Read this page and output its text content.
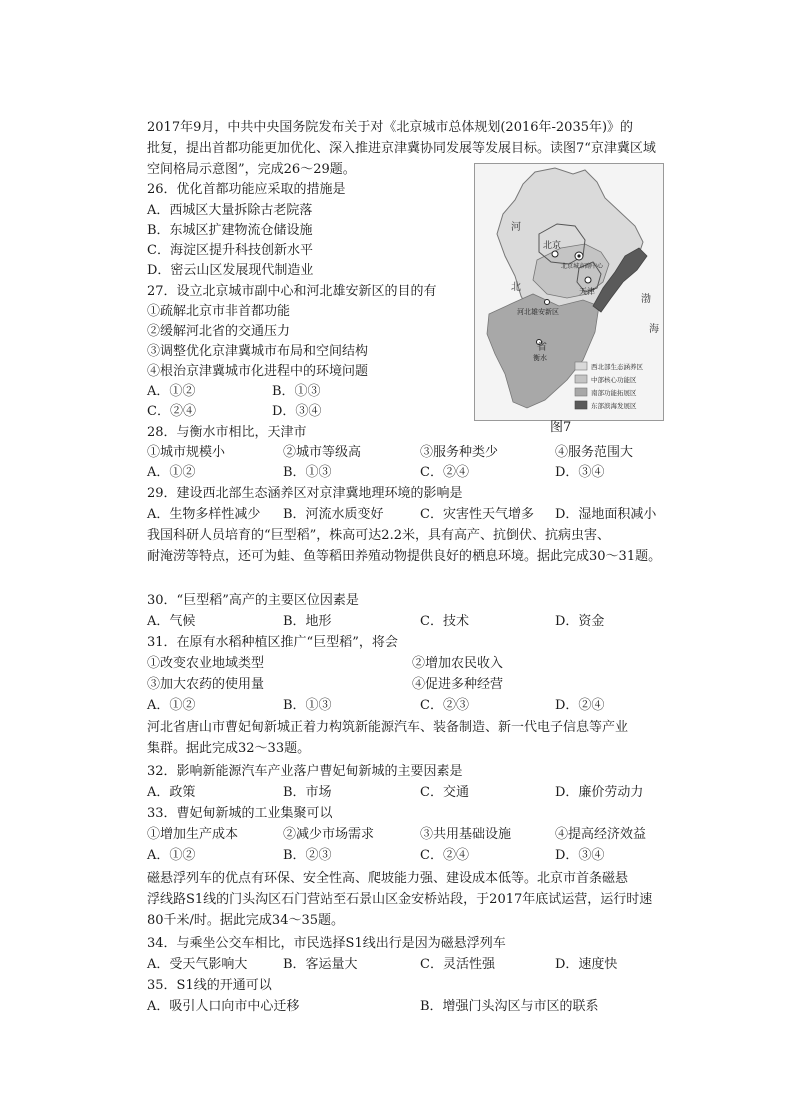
2017年9月，中共中央国务院发布关于对《北京城市总体规划(2016年-2035年)》的
批复，提出首都功能更加优化、深入推进京津冀协同发展等发展目标。读图7“京津冀区域
空间格局示意图”，完成26～29题。
26．优化首都功能应采取的措施是
A．西城区大量拆除古老院落
B．东城区扩建物流仓储设施
C．海淀区提升科技创新水平
D．密云山区发展现代制造业
27．设立北京城市副中心和河北雄安新区的目的有
①疏解北京市非首都功能
②缓解河北省的交通压力
③调整优化京津冀城市布局和空间结构
④根治京津冀城市化进程中的环境问题
A．①②	B．①③
C．②④	D．③④
河
北
省
北京
北京城市副中心
天津
河北雄安新区
衡水
渤
海
西北部生态涵养区
中部核心功能区
南部功能拓展区
东部滨海发展区
图7
28．与衡水市相比，天津市
①城市规模小	②城市等级高	③服务种类少	④服务范围大
A．①②	B．①③	C．②④	D．③④
29．建设西北部生态涵养区对京津冀地理环境的影响是
A．生物多样性减少 B．河流水质变好	C．灾害性天气增多 D．湿地面积减小
我国科研人员培育的“巨型稻”，株高可达2.2米，具有高产、抗倒伏、抗病虫害、
耐淹涝等特点，还可为蛙、鱼等稻田养殖动物提供良好的栖息环境。据此完成30～31题。
30．“巨型稻”高产的主要区位因素是
A．气候	B．地形	C．技术	D．资金
31．在原有水稻种植区推广“巨型稻”，将会
①改变农业地域类型	②增加农民收入
③加大农药的使用量	④促进多种经营
A．①②	B．①③	C．②③	D．②④
河北省唐山市曹妃甸新城正着力构筑新能源汽车、装备制造、新一代电子信息等产业
集群。据此完成32～33题。
32．影响新能源汽车产业落户曹妃甸新城的主要因素是
A．政策	B．市场	C．交通	D．廉价劳动力
33．曹妃甸新城的工业集聚可以
①增加生产成本	②减少市场需求	③共用基础设施	④提高经济效益
A．①②	B．②③	C．②④	D．③④
磁悬浮列车的优点有环保、安全性高、爬坡能力强、建设成本低等。北京市首条磁悬
浮线路S1线的门头沟区石门营站至石景山区金安桥站段，于2017年底试运营，运行时速
80千米/时。据此完成34～35题。
34．与乘坐公交车相比，市民选择S1线出行是因为磁悬浮列车
A．受天气影响大	B．客运量大	C．灵活性强	D．速度快
35．S1线的开通可以
A．吸引人口向市中心迁移	B．增强门头沟区与市区的联系
